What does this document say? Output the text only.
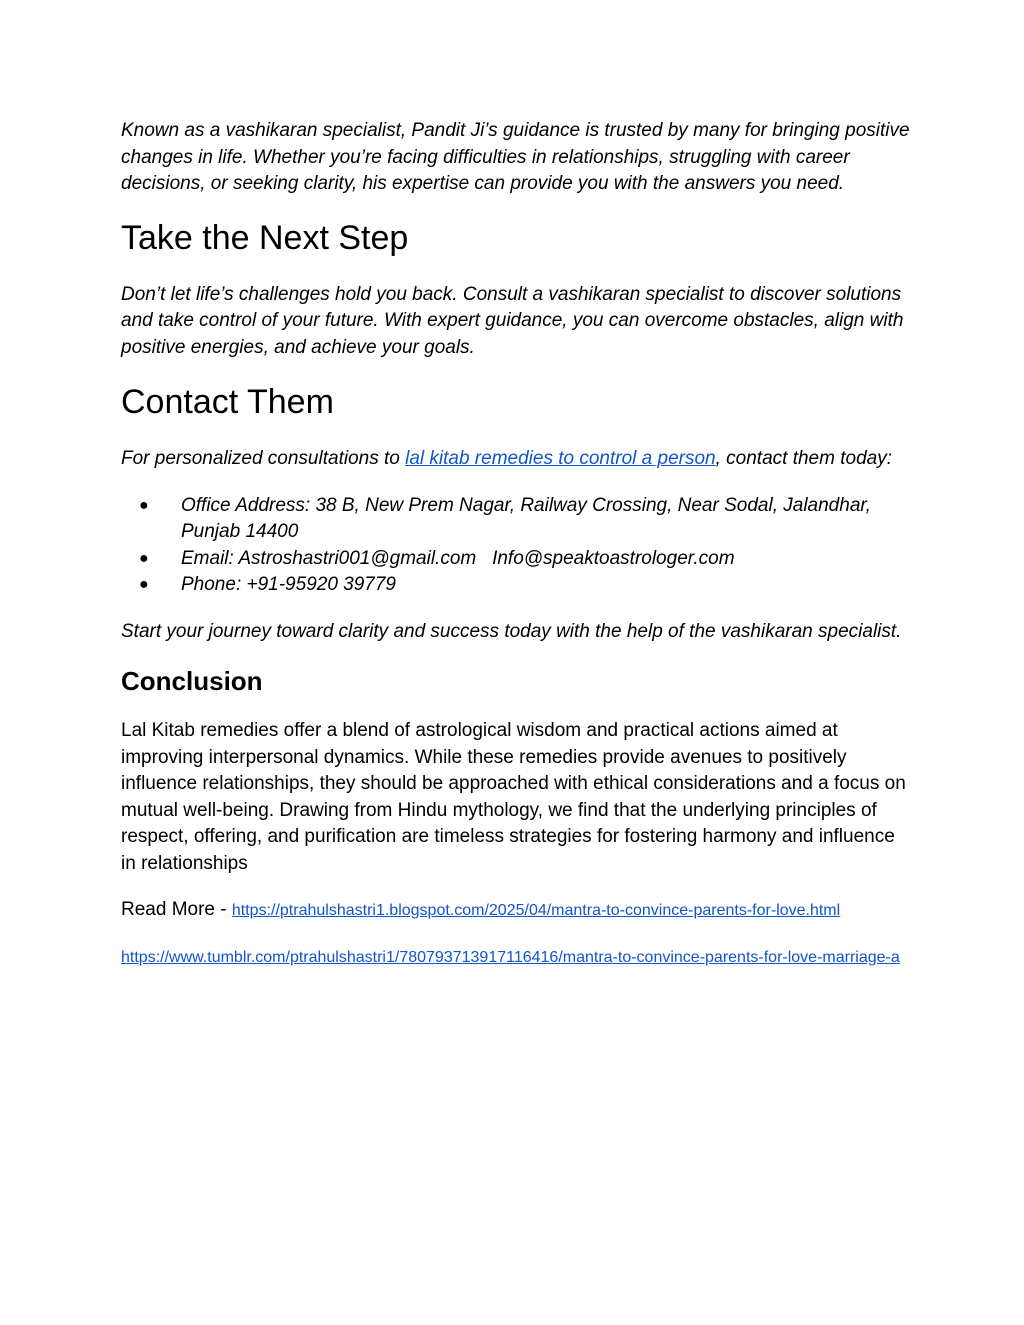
Known as a vashikaran specialist, Pandit Ji’s guidance is trusted by many for bringing positive changes in life. Whether you’re facing difficulties in relationships, struggling with career decisions, or seeking clarity, his expertise can provide you with the answers you need.

Take the Next Step

Don’t let life’s challenges hold you back. Consult a vashikaran specialist to discover solutions and take control of your future. With expert guidance, you can overcome obstacles, align with positive energies, and achieve your goals.

Contact Them

For personalized consultations to lal kitab remedies to control a person, contact them today:

● Office Address: 38 B, New Prem Nagar, Railway Crossing, Near Sodal, Jalandhar, Punjab 14400
● Email: Astroshastri001@gmail.com   Info@speaktoastrologer.com
● Phone: +91-95920 39779

Start your journey toward clarity and success today with the help of the vashikaran specialist.

Conclusion

Lal Kitab remedies offer a blend of astrological wisdom and practical actions aimed at improving interpersonal dynamics. While these remedies provide avenues to positively influence relationships, they should be approached with ethical considerations and a focus on mutual well-being. Drawing from Hindu mythology, we find that the underlying principles of respect, offering, and purification are timeless strategies for fostering harmony and influence in relationships

Read More - https://ptrahulshastri1.blogspot.com/2025/04/mantra-to-convince-parents-for-love.html

https://www.tumblr.com/ptrahulshastri1/780793713917116416/mantra-to-convince-parents-for-love-marriage-a
